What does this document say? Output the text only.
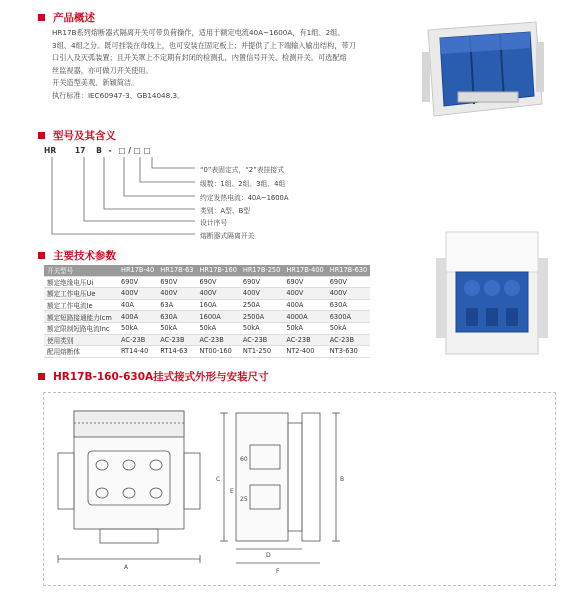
产品概述
HR17B系列熔断器式隔离开关可带负荷操作，适用于额定电流40A~1600A，有1组、2组、
3组、4组之分。既可挂装在母线上，也可安装在固定板上；并提供了上下端输入输出结构，带刀
口引入及灭弧装置；且开关罩上不定期有封闭的检测孔，内置信号开关、检测开关。可选配熔
丝监视器，亦可做刀开关使用。
开关造型美观、新颖简洁。
执行标准：IEC60947-3、GB14048.3。
型号及其含义
HR 17 B - □ / □ □
“0”表固定式，“2”表挂接式
级数：1组、2组、3组、4组
约定发热电流：40A~1600A
类别：A型、B型
设计序号
熔断器式隔离开关
主要技术参数
开关型号	HR17B-40	HR17B-63	HR17B-160	HR17B-250	HR17B-400	HR17B-630
额定绝缘电压Ui	690V	690V	690V	690V	690V	690V
额定工作电压Ue	400V	400V	400V	400V	400V	400V
额定工作电流Ie	40A	63A	160A	250A	400A	630A
额定短路接通能力Icm	400A	630A	1600A	2500A	4000A	6300A
额定限制短路电流Inc	50kA	50kA	50kA	50kA	50kA	50kA
使用类别	AC-23B	AC-23B	AC-23B	AC-23B	AC-23B	AC-23B
配用熔断体	RT14-40	RT14-63	NT00-160	NT1-250	NT2-400	NT3-630
HR17B-160-630A挂式接式外形与安装尺寸
A
B
C
D
E
F
60
25
